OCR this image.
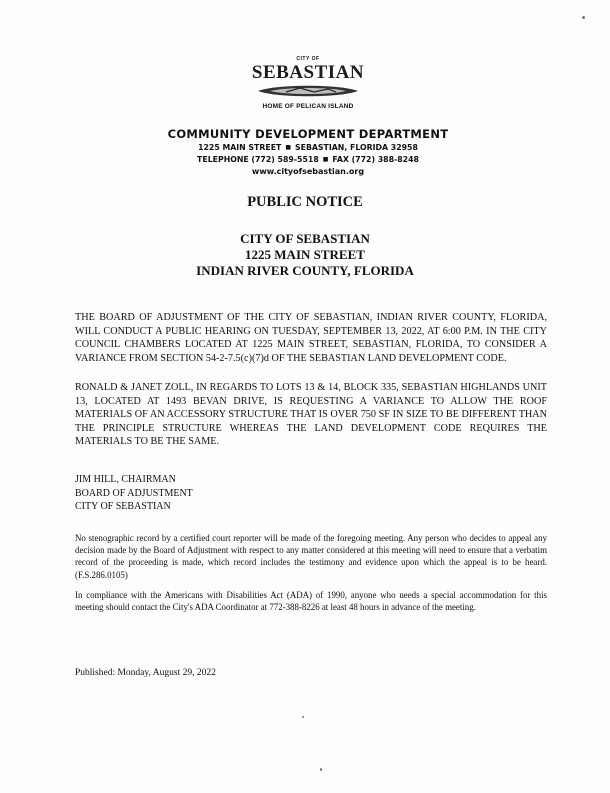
CITY OF
SEBASTIAN
HOME OF PELICAN ISLAND
COMMUNITY DEVELOPMENT DEPARTMENT
1225 MAIN STREET ■ SEBASTIAN, FLORIDA 32958
TELEPHONE (772) 589-5518 ■ FAX (772) 388-8248
www.cityofsebastian.org
PUBLIC NOTICE
CITY OF SEBASTIAN
1225 MAIN STREET
INDIAN RIVER COUNTY, FLORIDA

THE BOARD OF ADJUSTMENT OF THE CITY OF SEBASTIAN, INDIAN RIVER COUNTY, FLORIDA, WILL CONDUCT A PUBLIC HEARING ON TUESDAY, SEPTEMBER 13, 2022, AT 6:00 P.M. IN THE CITY COUNCIL CHAMBERS LOCATED AT 1225 MAIN STREET, SEBASTIAN, FLORIDA, TO CONSIDER A VARIANCE FROM SECTION 54-2-7.5(c)(7)d OF THE SEBASTIAN LAND DEVELOPMENT CODE.

RONALD & JANET ZOLL, IN REGARDS TO LOTS 13 & 14, BLOCK 335, SEBASTIAN HIGHLANDS UNIT 13, LOCATED AT 1493 BEVAN DRIVE, IS REQUESTING A VARIANCE TO ALLOW THE ROOF MATERIALS OF AN ACCESSORY STRUCTURE THAT IS OVER 750 SF IN SIZE TO BE DIFFERENT THAN THE PRINCIPLE STRUCTURE WHEREAS THE LAND DEVELOPMENT CODE REQUIRES THE MATERIALS TO BE THE SAME.

JIM HILL, CHAIRMAN
BOARD OF ADJUSTMENT
CITY OF SEBASTIAN

No stenographic record by a certified court reporter will be made of the foregoing meeting. Any person who decides to appeal any decision made by the Board of Adjustment with respect to any matter considered at this meeting will need to ensure that a verbatim record of the proceeding is made, which record includes the testimony and evidence upon which the appeal is to be heard. (F.S.286.0105)

In compliance with the Americans with Disabilities Act (ADA) of 1990, anyone who needs a special accommodation for this meeting should contact the City's ADA Coordinator at 772-388-8226 at least 48 hours in advance of the meeting.

Published: Monday, August 29, 2022
